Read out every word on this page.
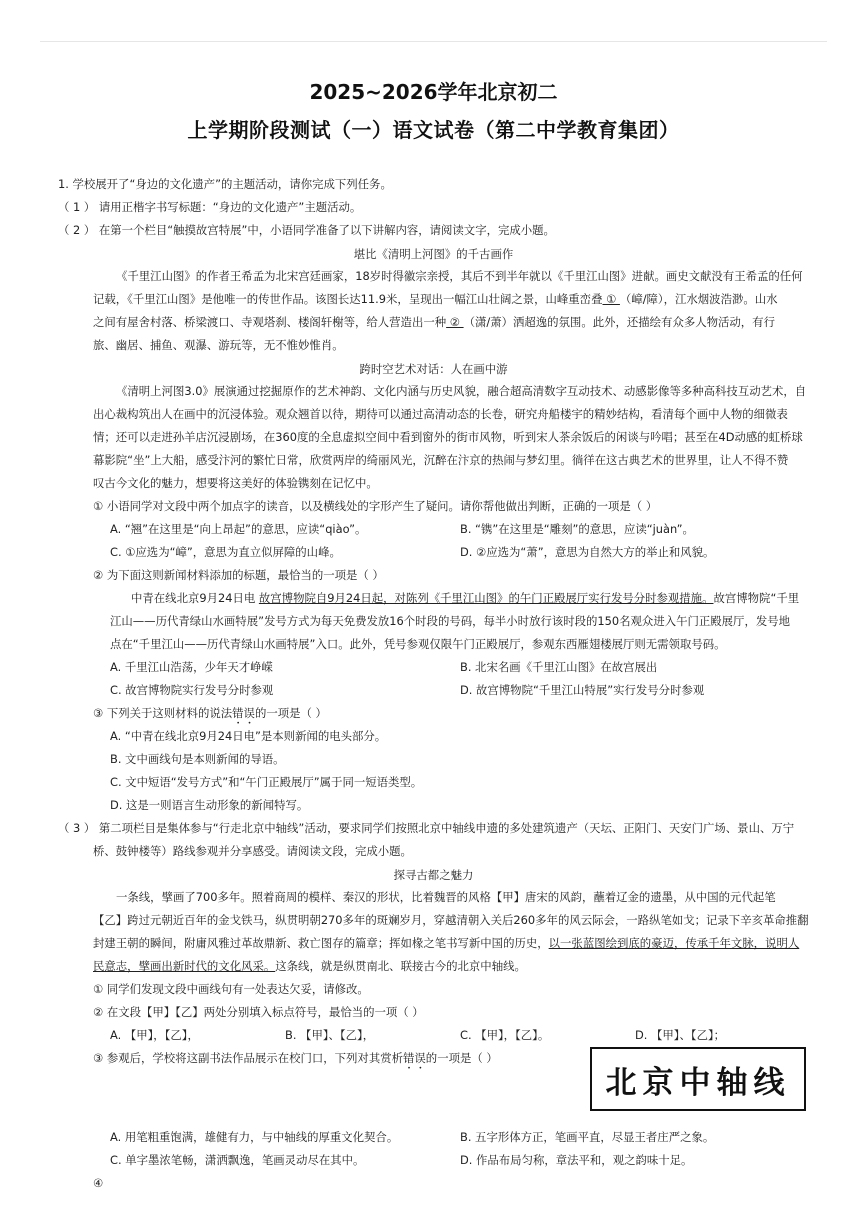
2025~2026学年北京初二
上学期阶段测试（一）语文试卷（第二中学教育集团）
1. 学校展开了“身边的文化遗产”的主题活动，请你完成下列任务。
（ 1 ） 请用正楷字书写标题：“身边的文化遗产”主题活动。
（ 2 ） 在第一个栏目“触摸故宫特展”中，小语同学准备了以下讲解内容，请阅读文字，完成小题。
堪比《清明上河图》的千古画作
《千里江山图》的作者王希孟为北宋宫廷画家，18岁时得徽宗亲授，其后不到半年就以《千里江山图》进献。画史文献没有王希孟的任何
记载，《千里江山图》是他唯一的传世作品。该图长达11.9米，呈现出一幅江山壮阔之景，山峰重峦叠 ① （嶂/障），江水烟波浩渺。山水
之间有屋舍村落、桥梁渡口、寺观塔刹、楼阁轩榭等，给人营造出一种 ② （潇/萧）洒超逸的氛围。此外，还描绘有众多人物活动，有行
旅、幽居、捕鱼、观瀑、游玩等，无不惟妙惟肖。
跨时空艺术对话：人在画中游
《清明上河图3.0》展演通过挖掘原作的艺术神韵、文化内涵与历史风貌，融合超高清数字互动技术、动感影像等多种高科技互动艺术，自
出心裁构筑出人在画中的沉浸体验。观众翘首以待，期待可以通过高清动态的长卷，研究舟船楼宇的精妙结构，看清每个画中人物的细微表
情；还可以走进孙羊店沉浸剧场，在360度的全息虚拟空间中看到窗外的街市风物，听到宋人茶余饭后的闲谈与吟唱；甚至在4D动感的虹桥球
幕影院“坐”上大船，感受汴河的繁忙日常，欣赏两岸的绮丽风光，沉醉在汴京的热闹与梦幻里。徜徉在这古典艺术的世界里，让人不得不赞
叹古今文化的魅力，想要将这美好的体验镌刻在记忆中。
① 小语同学对文段中两个加点字的读音，以及横线处的字形产生了疑问。请你帮他做出判断，正确的一项是（ ）
A. “翘”在这里是“向上昂起”的意思，应读“qiào”。	B. “镌”在这里是“雕刻”的意思，应读“juàn”。
C. ①应选为“嶂”，意思为直立似屏障的山峰。	D. ②应选为“萧”，意思为自然大方的举止和风貌。
② 为下面这则新闻材料添加的标题，最恰当的一项是（ ）
中青在线北京9月24日电 故宫博物院自9月24日起，对陈列《千里江山图》的午门正殿展厅实行发号分时参观措施。故宫博物院“千里
江山——历代青绿山水画特展”发号方式为每天免费发放16个时段的号码，每半小时放行该时段的150名观众进入午门正殿展厅，发号地
点在“千里江山——历代青绿山水画特展”入口。此外，凭号参观仅限午门正殿展厅，参观东西雁翅楼展厅则无需领取号码。
A. 千里江山浩荡，少年天才峥嵘	B. 北宋名画《千里江山图》在故宫展出
C. 故宫博物院实行发号分时参观	D. 故宫博物院“千里江山特展”实行发号分时参观
③ 下列关于这则材料的说法错误的一项是（ ）
A. “中青在线北京9月24日电”是本则新闻的电头部分。
B. 文中画线句是本则新闻的导语。
C. 文中短语“发号方式”和“午门正殿展厅”属于同一短语类型。
D. 这是一则语言生动形象的新闻特写。
（ 3 ） 第二项栏目是集体参与“行走北京中轴线”活动，要求同学们按照北京中轴线申遗的多处建筑遗产（天坛、正阳门、天安门广场、景山、万宁
桥、鼓钟楼等）路线参观并分享感受。请阅读文段，完成小题。
探寻古都之魅力
一条线，擘画了700多年。照着商周的模样、秦汉的形状，比着魏晋的风格【甲】唐宋的风韵，蘸着辽金的遗墨，从中国的元代起笔
【乙】跨过元朝近百年的金戈铁马，纵贯明朝270多年的斑斓岁月，穿越清朝入关后260多年的风云际会，一路纵笔如戈；记录下辛亥革命推翻
封建王朝的瞬间，附庸风雅过革故鼎新、救亡图存的篇章；挥如椽之笔书写新中国的历史，以一张蓝图绘到底的豪迈，传承千年文脉，说明人
民意志，擘画出新时代的文化风采。这条线，就是纵贯南北、联接古今的北京中轴线。
① 同学们发现文段中画线句有一处表达欠妥，请修改。
② 在文段【甲】【乙】两处分别填入标点符号，最恰当的一项（ ）
A. 【甲】，【乙】，	B. 【甲】、【乙】，	C. 【甲】，【乙】。	D. 【甲】、【乙】；
③ 参观后，学校将这副书法作品展示在校门口，下列对其赏析错误的一项是（ ）
北京中轴线
A. 用笔粗重饱满，雄健有力，与中轴线的厚重文化契合。	B. 五字形体方正，笔画平直，尽显王者庄严之象。
C. 单字墨浓笔畅，潇洒飘逸，笔画灵动尽在其中。	D. 作品布局匀称，章法平和，观之韵味十足。
④
